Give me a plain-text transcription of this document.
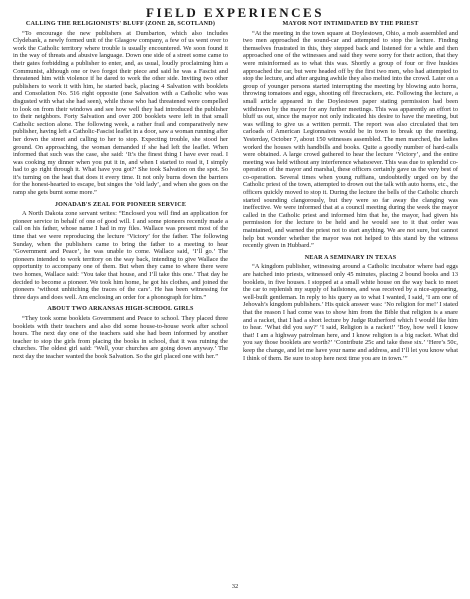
FIELD EXPERIENCES
CALLING THE RELIGIONISTS' BLUFF (ZONE 28, SCOTLAND)

“To encourage the new publishers at Dumbarton, which also includes Clydebank, a newly formed unit of the Glasgow company, a few of us went over to work the Catholic territory where trouble is usually encountered. We soon found it in the way of threats and abusive language. Down one side of a street some came to their gates forbidding a publisher to enter, and, as usual, loudly proclaiming him a Communist, although one or two forgot their piece and said he was a Fascist and threatened him with violence if he dared to work the other side. Inviting two other publishers to work it with him, he started back, placing 4 Salvation with booklets and Consolation No. 516 right opposite (one Salvation with a Catholic who was disgusted with what she had seen), while those who had threatened were compelled to look on from their windows and see how well they had introduced the publisher to their neighbors. Forty Salvation and over 200 booklets were left in that small Catholic section alone. The following week, a rather frail and comparatively new publisher, having left a Catholic-Fascist leaflet in a door, saw a woman running after her down the street and calling to her to stop. Expecting trouble, she stood her ground. On approaching, the woman demanded if she had left the leaflet. When informed that such was the case, she said: ‘It’s the finest thing I have ever read. I was cooking my dinner when you put it in, and when I started to read it, I simply had to go right through it. What have you got?’ She took Salvation on the spot. So it’s turning on the heat that does it every time. It not only burns down the barriers for the honest-hearted to escape, but singes the ‘old lady’, and when she goes on the ramp she gets burnt some more.”

JONADAB'S ZEAL FOR PIONEER SERVICE

A North Dakota zone servant writes: “Enclosed you will find an application for pioneer service in behalf of one of good will. I and some pioneers recently made a call on his father, whose name I had in my files. Wallace was present most of the time that we were reproducing the lecture ‘Victory’ for the father. The following Sunday, when the publishers came to bring the father to a meeting to hear ‘Government and Peace’, he was unable to come. Wallace said, ‘I’ll go.’ The pioneers intended to work territory on the way back, intending to give Wallace the opportunity to accompany one of them. But when they came to where there were two homes, Wallace said: ‘You take that house, and I’ll take this one.’ That day he decided to become a pioneer. We took him home, he got his clothes, and joined the pioneers ‘without unhitching the traces of the cars’. He has been witnessing for three days and does well. Am enclosing an order for a phonograph for him.”

ABOUT TWO ARKANSAS HIGH-SCHOOL GIRLS

“They took some booklets Government and Peace to school. They placed three booklets with their teachers and also did some house-to-house work after school hours. The next day one of the teachers said she had been informed by another teacher to stop the girls from placing the books in school, that it was ruining the churches. The oldest girl said: ‘Well, your churches are going down anyway.’ The next day the teacher wanted the book Salvation. So the girl placed one with her.”

MAYOR NOT INTIMIDATED BY THE PRIEST

“At the meeting in the town square at Doylestown, Ohio, a mob assembled and two men approached the sound-car and attempted to stop the lecture. Finding themselves frustrated in this, they stepped back and listened for a while and then approached one of the witnesses and said they were sorry for their action, that they were misinformed as to what this was. Shortly a group of four or five huskies approached the car, but were headed off by the first two men, who had attempted to stop the lecture, and after arguing awhile they also melted into the crowd. Later on a group of younger persons started interrupting the meeting by blowing auto horns, throwing tomatoes and eggs, shooting off firecrackers, etc. Following the lecture, a small article appeared in the Doylestown paper stating permission had been withdrawn by the mayor for any further meetings. This was apparently an effort to bluff us out, since the mayor not only indicated his desire to have the meeting, but was willing to give us a written permit. The report was also circulated that ten carloads of American Legionnaires would be in town to break up the meeting. Yesterday, October 7, about 150 witnesses assembled. The men marched, the ladies worked the houses with handbills and books. Quite a goodly number of hard-calls were obtained. A large crowd gathered to hear the lecture ‘Victory’, and the entire meeting was held without any interference whatsoever. This was due to splendid co-operation of the mayor and marshal, these officers certainly gave us the very best of co-operation. Several times when young ruffians, undoubtedly urged on by the Catholic priest of the town, attempted to drown out the talk with auto horns, etc., the officers quickly moved to stop it. During the lecture the bells of the Catholic church started sounding clangorously, but they were so far away the clanging was ineffective. We were informed that at a council meeting during the week the mayor called in the Catholic priest and informed him that he, the mayor, had given his permission for the lecture to be held and he would see to it that order was maintained, and warned the priest not to start anything. We are not sure, but cannot help but wonder whether the mayor was not helped to this stand by the witness recently given in Hubbard.”

NEAR A SEMINARY IN TEXAS

“A kingdom publisher, witnessing around a Catholic incubator where bad eggs are hatched into priests, witnessed only 45 minutes, placing 2 bound books and 13 booklets, in five houses. I stopped at a small white house on the way back to meet the car to replenish my supply of hailstones, and was received by a nice-appearing, well-built gentleman. In reply to his query as to what I wanted, I said, ‘I am one of Jehovah’s kingdom publishers.’ His quick answer was: ‘No religion for me!’ I stated that the reason I had come was to show him from the Bible that religion is a snare and a racket, that I had a short lecture by Judge Rutherford which I would like him to hear. ‘What did you say?’ ‘I said, Religion is a racket!’ ‘Boy, how well I know that! I am a highway patrolman here, and I know religion is a big racket. What did you say those booklets are worth?’ ‘Contribute 25c and take these six.’ ‘Here’s 50c, keep the change, and let me have your name and address, and I’ll let you know what I think of them. Be sure to stop here next time you are in town.’”

32
